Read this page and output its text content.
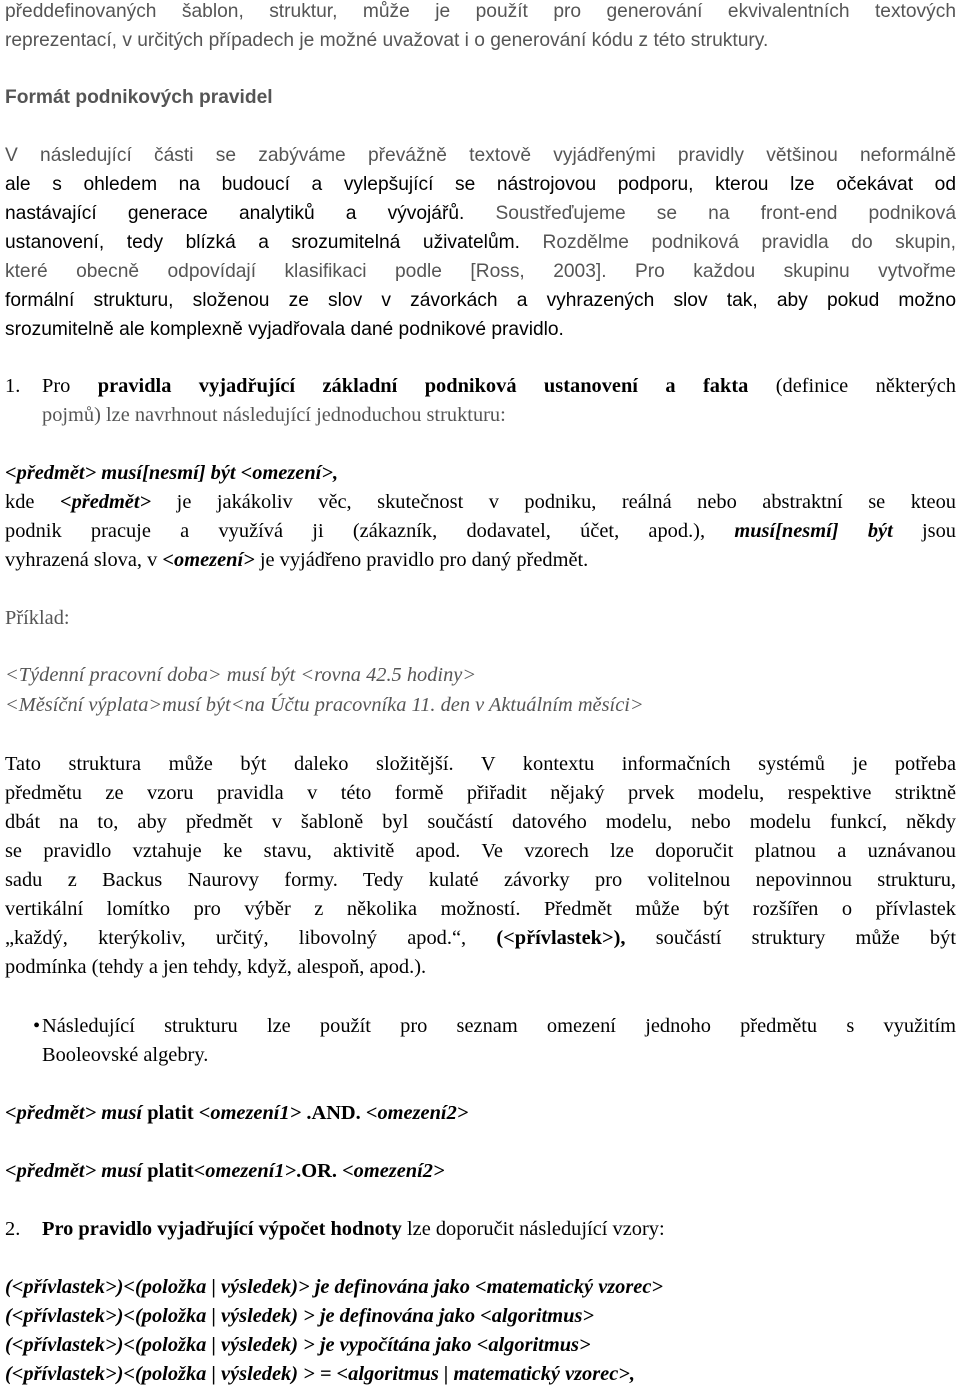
předdefinovaných šablon, struktur, může je použít pro generování ekvivalentních textových
reprezentací, v určitých případech je možné uvažovat i o generování kódu z této struktury.
Formát podnikových pravidel
V následující části se zabýváme převážně textově vyjádřenými pravidly většinou neformálně
ale s ohledem na budoucí a vylepšující se nástrojovou podporu, kterou lze očekávat od
nastávající generace analytiků a vývojářů. Soustřeďujeme se na front-end podniková
ustanovení, tedy blízká a srozumitelná uživatelům. Rozdělme podniková pravidla do skupin,
které obecně odpovídají klasifikaci podle [Ross, 2003]. Pro každou skupinu vytvořme
formální strukturu, složenou ze slov v závorkách a vyhrazených slov tak, aby pokud možno
srozumitelně ale komplexně vyjadřovala dané podnikové pravidlo.
1. Pro pravidla vyjadřující základní podniková ustanovení a fakta (definice některých
pojmů) lze navrhnout následující jednoduchou strukturu:
<předmět> musí[nesmí] být <omezení>,
kde <předmět> je jakákoliv věc, skutečnost v podniku, reálná nebo abstraktní se kteou
podnik pracuje a využívá ji (zákazník, dodavatel, účet, apod.), musí[nesmí] být jsou
vyhrazená slova, v <omezení> je vyjádřeno pravidlo pro daný předmět.
Příklad:
<Týdenní pracovní doba> musí být <rovna 42.5 hodiny>
<Měsíční výplata>musí být<na Účtu pracovníka 11. den v Aktuálním měsíci>
Tato struktura může být daleko složitější. V kontextu informačních systémů je potřeba
předmětu ze vzoru pravidla v této formě přiřadit nějaký prvek modelu, respektive striktně
dbát na to, aby předmět v šabloně byl součástí datového modelu, nebo modelu funkcí, někdy
se pravidlo vztahuje ke stavu, aktivitě apod. Ve vzorech lze doporučit platnou a uznávanou
sadu z Backus Naurovy formy. Tedy kulaté závorky pro volitelnou nepovinnou strukturu,
vertikální lomítko pro výběr z několika možností. Předmět může být rozšířen o přívlastek
„každý, kterýkoliv, určitý, libovolný apod.“, (<přívlastek>), součástí struktury může být
podmínka (tehdy a jen tehdy, když, alespoň, apod.).
• Následující strukturu lze použít pro seznam omezení jednoho předmětu s využitím
Booleovské algebry.
<předmět> musí platit <omezení1> .AND. <omezení2>
<předmět> musí platit<omezení1>.OR. <omezení2>
2. Pro pravidlo vyjadřující výpočet hodnoty lze doporučit následující vzory:
(<přívlastek>)<(položka | výsledek)> je definována jako <matematický vzorec>
(<přívlastek>)<(položka | výsledek) > je definována jako <algoritmus>
(<přívlastek>)<(položka | výsledek) > je vypočítána jako <algoritmus>
(<přívlastek>)<(položka | výsledek) > = <algoritmus | matematický vzorec>,
